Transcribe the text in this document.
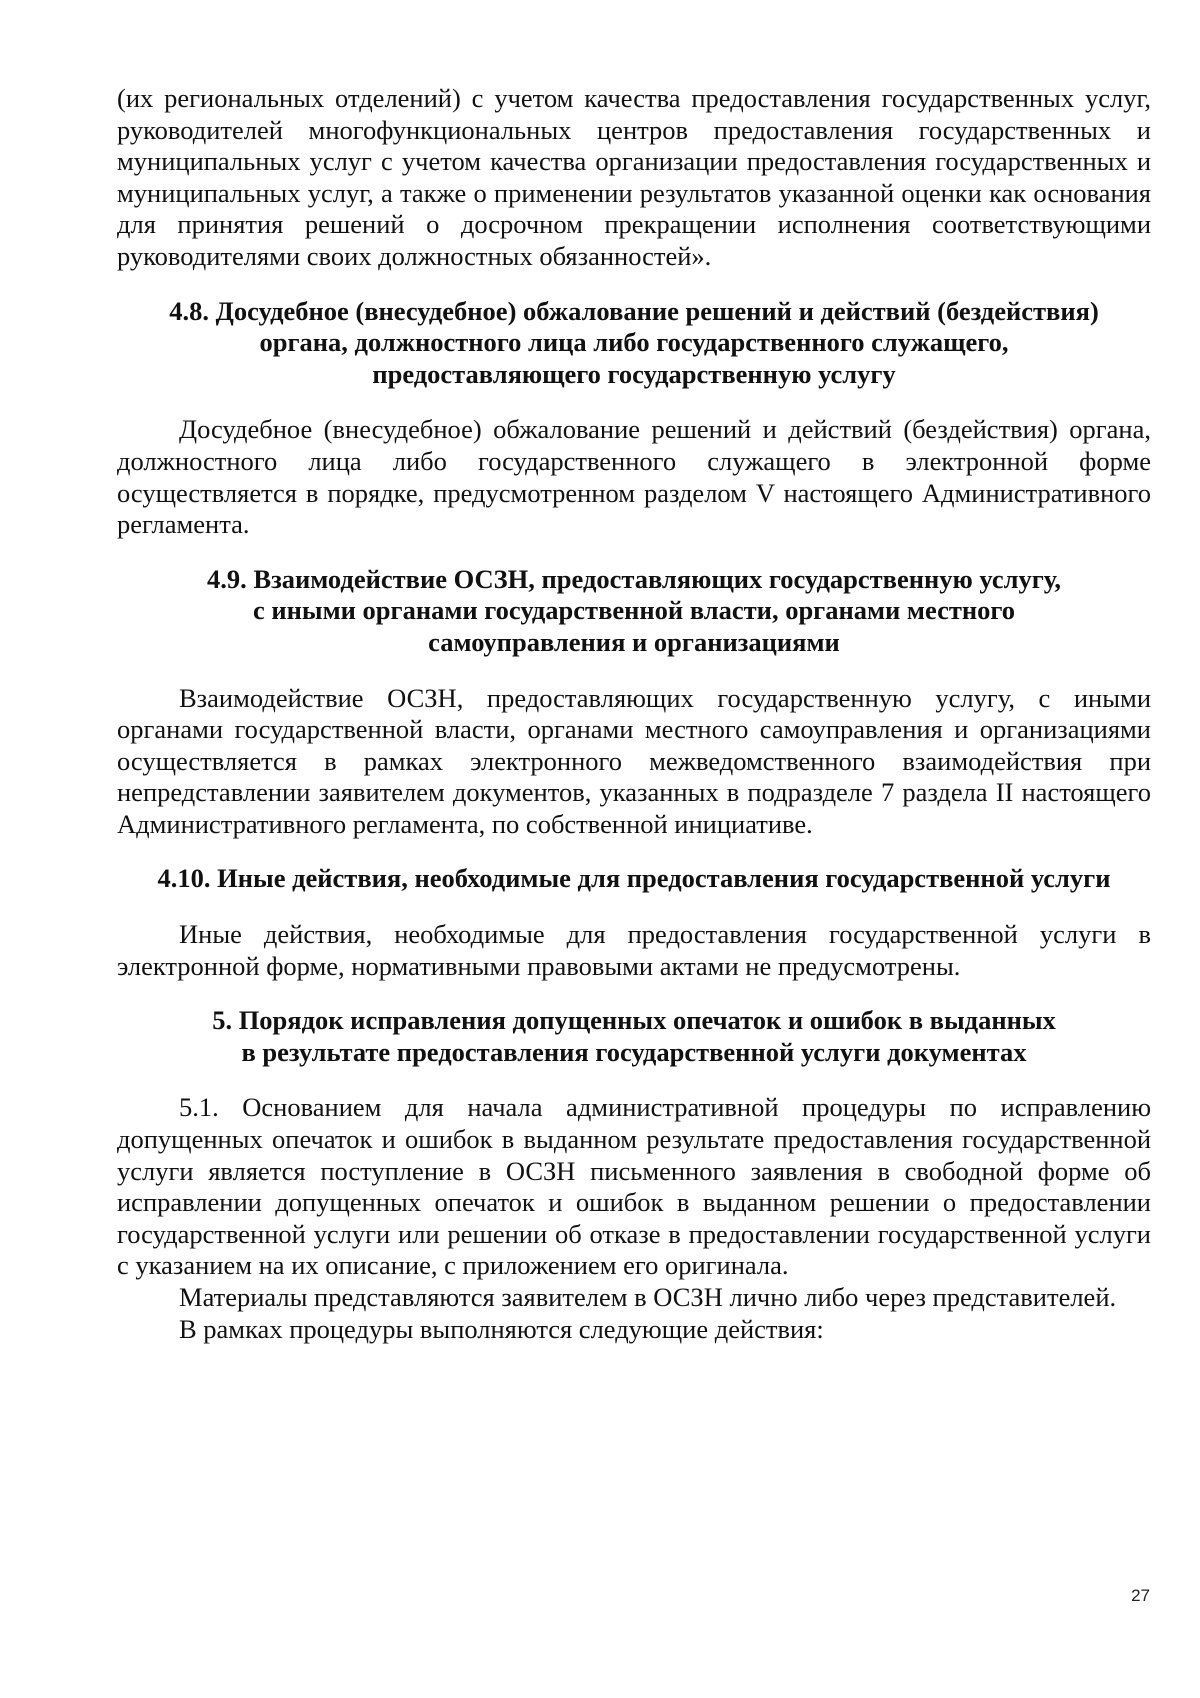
(их региональных отделений) с учетом качества предоставления государственных услуг, руководителей многофункциональных центров предоставления государственных и муниципальных услуг с учетом качества организации предоставления государственных и муниципальных услуг, а также о применении результатов указанной оценки как основания для принятия решений о досрочном прекращении исполнения соответствующими руководителями своих должностных обязанностей».

4.8. Досудебное (внесудебное) обжалование решений и действий (бездействия)
органа, должностного лица либо государственного служащего,
предоставляющего государственную услугу

Досудебное (внесудебное) обжалование решений и действий (бездействия) органа, должностного лица либо государственного служащего в электронной форме осуществляется в порядке, предусмотренном разделом V настоящего Административного регламента.

4.9. Взаимодействие ОСЗН, предоставляющих государственную услугу,
с иными органами государственной власти, органами местного
самоуправления и организациями

Взаимодействие ОСЗН, предоставляющих государственную услугу, с иными органами государственной власти, органами местного самоуправления и организациями осуществляется в рамках электронного межведомственного взаимодействия при непредставлении заявителем документов, указанных в подразделе 7 раздела II настоящего Административного регламента, по собственной инициативе.

4.10. Иные действия, необходимые для предоставления государственной услуги

Иные действия, необходимые для предоставления государственной услуги в электронной форме, нормативными правовыми актами не предусмотрены.

5. Порядок исправления допущенных опечаток и ошибок в выданных
в результате предоставления государственной услуги документах

5.1. Основанием для начала административной процедуры по исправлению допущенных опечаток и ошибок в выданном результате предоставления государственной услуги является поступление в ОСЗН письменного заявления в свободной форме об исправлении допущенных опечаток и ошибок в выданном решении о предоставлении государственной услуги или решении об отказе в предоставлении государственной услуги с указанием на их описание, с приложением его оригинала.

Материалы представляются заявителем в ОСЗН лично либо через представителей.

В рамках процедуры выполняются следующие действия:

27
